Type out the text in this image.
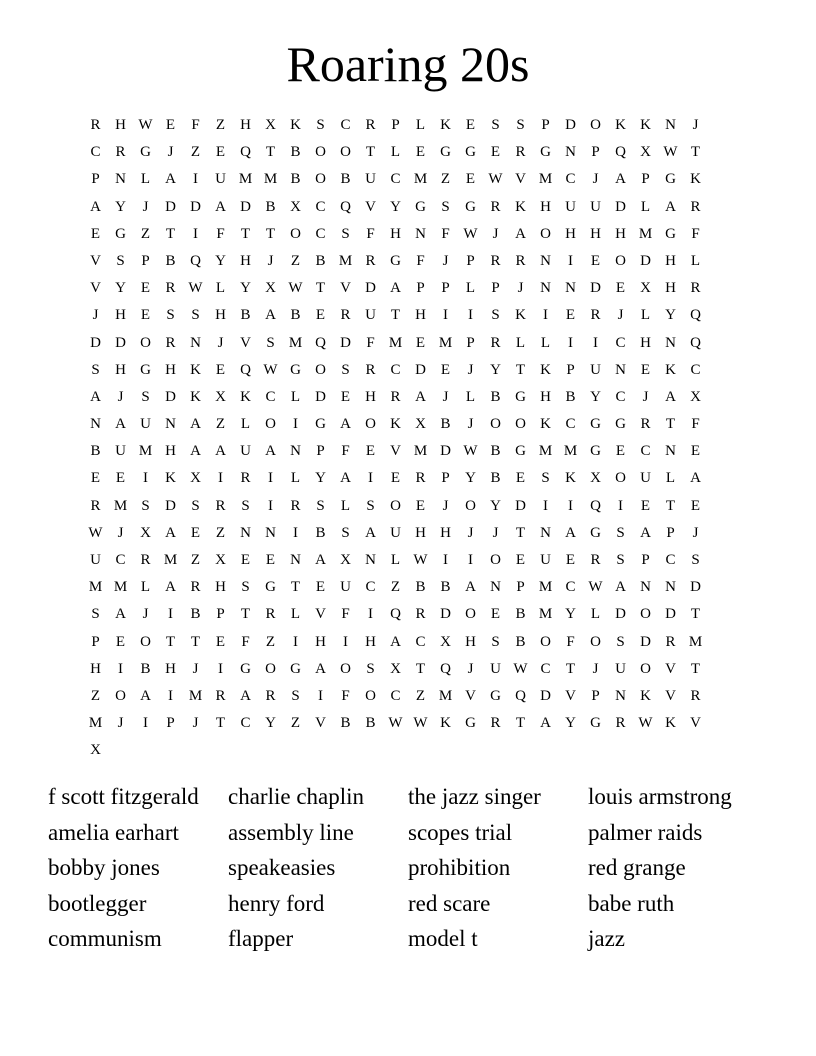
Roaring 20s
R H W E	F	Z	H X K	S	C R	P	L	K E	S	S	P	D O K K N	J
C R G	J	Z	E	Q T	B O O T	L	E	G G E	R G N	P	Q X W T
P	N L	A	I	U M M B O B U C M Z	E W V M C	J	A	P	G K
A Y	J	D D A D B X C Q V Y G	S	G R K H U U D L	A R
E	G Z	T	I	F	T	T	O C	S	F	H N	F W	J	A O H H H M G	F
V	S	P	B Q Y H	J	Z	B M R G	F	J	P	R R N	I	E	O D H L
V Y E	R W L	Y X W T	V D A	P	P	L	P	J	N N D E	X H R
J	H E	S	S	H B A B	E	R U T	H	I	I	S	K	I	E	R	J	L	Y Q
D D O R N	J	V	S M Q D	F M E M P	R	L	L	I	I	C H N Q
S	H G H K E	Q W G O	S	R C D E	J	Y T	K	P	U N E	K C
A	J	S	D K X K C	L	D E	H R A	J	L	B G H B Y C	J	A X
N A U N A Z	L	O	I	G A O K X B	J	O O K C G G R	T	F
B U M H A A U A N	P	F	E	V M D W B G M M G E	C N E
E	E	I	K X	I	R	I	L	Y A	I	E	R	P	Y B	E	S	K X O U L	A
R M S	D	S	R	S	I	R	S	L	S	O E	J	O Y D	I	I	Q	I	E	T	E
W	J	X A E	Z	N N	I	B	S	A U H H	J	J	T	N A G	S	A	P	J
U C R M Z	X E	E	N A X N L W	I	I	O E	U E	R	S	P	C	S
M M L	A R H	S	G T	E	U C	Z	B B A N	P M C W A N N D
S	A	J	I	B	P	T	R	L	V	F	I	Q R D O E	B M Y L	D O D T
P	E	O T	T	E	F	Z	I	H	I	H A C X H	S	B O	F	O	S	D R M
H	I	B H	J	I	G O G A O	S	X T	Q	J	U W C	T	J	U O V T
Z	O A	I	M R A R	S	I	F	O C	Z M V G Q D V	P	N K V R
M	J	I	P	J	T	C Y Z	V B B W W K G R	T	A Y G R W K V
X
f scott fitzgerald	charlie chaplin	the jazz singer	louis armstrong
amelia earhart	assembly line	scopes trial	palmer raids
bobby jones	speakeasies	prohibition	red grange
bootlegger	henry ford	red scare	babe ruth
communism	flapper	model t	jazz
